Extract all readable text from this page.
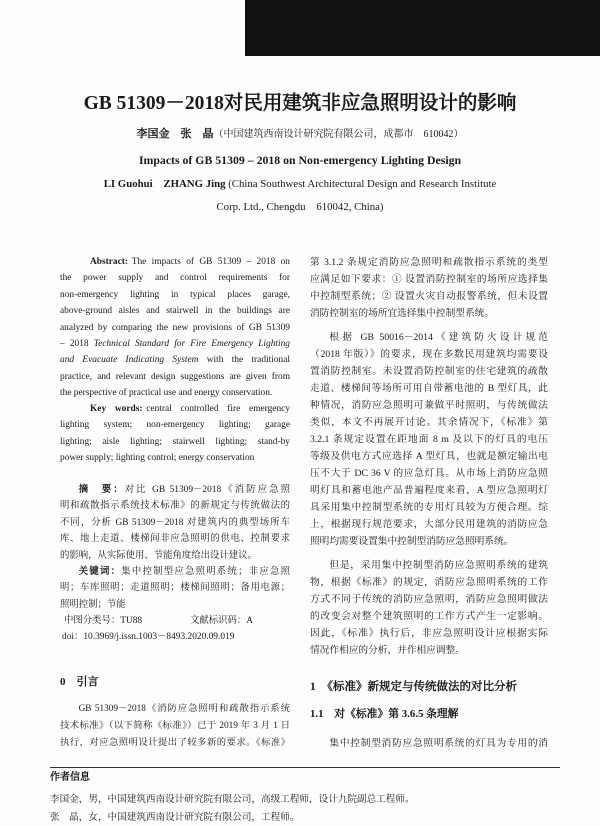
GB 51309－2018对民用建筑非应急照明设计的影响
李国金　张　晶（中国建筑西南设计研究院有限公司，成都市　610042）
Impacts of GB 51309 – 2018 on Non-emergency Lighting Design
LI Guohui　ZHANG Jing (China Southwest Architectural Design and Research Institute
Corp. Ltd., Chengdu　610042, China)
Abstract: The impacts of GB 51309 – 2018 on
the power supply and control requirements for
non-emergency lighting in typical places garage,
above-ground aisles and stairwell in the buildings are
analyzed by comparing the new provisions of GB 51309
– 2018 Technical Standard for Fire Emergency Lighting
and Evacuate Indicating System with the traditional
practice, and relevant design suggestions are given from
the perspective of practical use and energy conservation.
Key words: central controlled fire emergency
lighting system; non-emergency lighting; garage
lighting; aisle lighting; stairwell lighting; stand-by
power supply; lighting control; energy conservation
摘　要：对比 GB 51309－2018《消防应急照
明和疏散指示系统技术标准》的新规定与传统做法的
不同，分析 GB 51309－2018 对建筑内的典型场所车
库、地上走道、楼梯间非应急照明的供电、控制要求
的影响，从实际使用、节能角度给出设计建议。
关键词：集中控制型应急照明系统；非应急照
明；车库照明；走道照明；楼梯间照明；备用电源；
照明控制；节能
中图分类号：TU88	文献标识码：A
doi：10.3969/j.issn.1003－8493.2020.09.019
0　引言
GB 51309－2018《消防应急照明和疏散指示系统
技术标准》（以下简称《标准》）已于 2019 年 3 月 1 日
执行，对应急照明设计提出了较多新的要求。《标准》
第 3.1.2 条规定消防应急照明和疏散指示系统的类型
应满足如下要求：① 设置消防控制室的场所应选择集
中控制型系统；② 设置火灾自动报警系统，但未设置
消防控制室的场所宜选择集中控制型系统。
根据 GB 50016－2014《建筑防火设计规范
（2018 年版）》的要求，现在多数民用建筑均需要设
置消防控制室。未设置消防控制室的住宅建筑的疏散
走道、楼梯间等场所可用自带蓄电池的 B 型灯具，此
种情况，消防应急照明可兼做平时照明，与传统做法
类似，本文不再展开讨论。其余情况下，《标准》第
3.2.1 条规定设置在距地面 8 m 及以下的灯具的电压
等级及供电方式应选择 A 型灯具，也就是额定输出电
压不大于 DC 36 V 的应急灯具。从市场上消防应急照
明灯具和蓄电池产品普遍程度来看，A 型应急照明灯
具采用集中控制型系统的专用灯具较为方便合理。综
上，根据现行规范要求，大部分民用建筑的消防应急
照明均需要设置集中控制型消防应急照明系统。
但是，采用集中控制型消防应急照明系统的建筑
物，根据《标准》的规定，消防应急照明系统的工作
方式不同于传统的消防应急照明，消防应急照明做法
的改变会对整个建筑照明的工作方式产生一定影响。
因此，《标准》执行后，非应急照明设计应根据实际
情况作相应的分析，并作相应调整。
1　《标准》新规定与传统做法的对比分析
1.1　对《标准》第 3.6.5 条理解
集中控制型消防应急照明系统的灯具为专用的消
作者信息
李国金，男，中国建筑西南设计研究院有限公司，高级工程师，设计九院副总工程师。
张　晶，女，中国建筑西南设计研究院有限公司，工程师。
